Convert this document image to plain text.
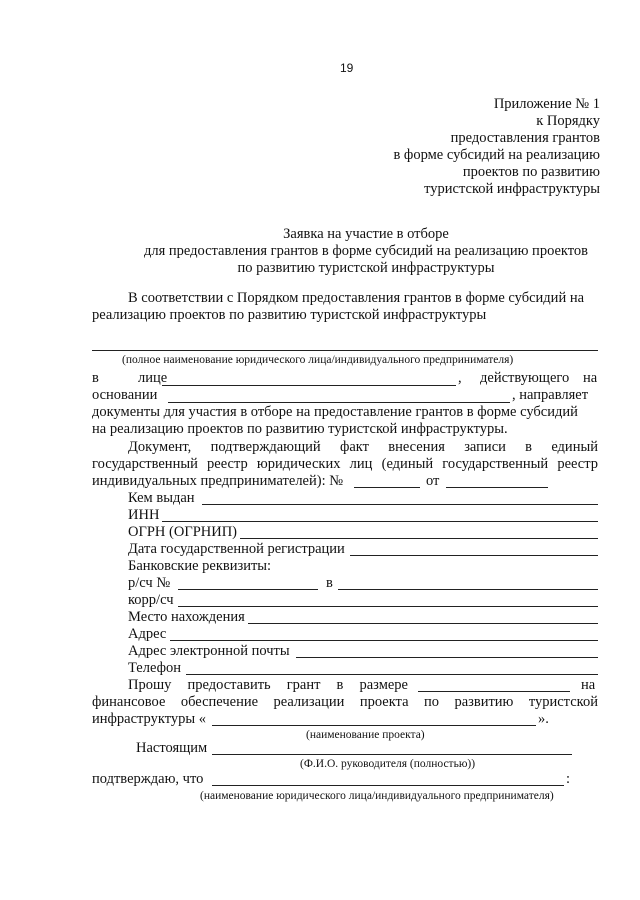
19
Приложение № 1
к Порядку
предоставления грантов
в форме субсидий на реализацию
проектов по развитию
туристской инфраструктуры
Заявка на участие в отборе
для предоставления грантов в форме субсидий на реализацию проектов
по развитию туристской инфраструктуры
В соответствии с Порядком предоставления грантов в форме субсидий на
реализацию проектов по развитию туристской инфраструктуры
(полное наименование юридического лица/индивидуального предпринимателя)
в	лице	, действующего на
основании	, направляет
документы для участия в отборе на предоставление грантов в форме субсидий
на реализацию проектов по развитию туристской инфраструктуры.
Документ, подтверждающий факт внесения записи в единый
государственный реестр юридических лиц (единый государственный реестр
индивидуальных предпринимателей): №	от
Кем выдан
ИНН
ОГРН (ОГРНИП)
Дата государственной регистрации
Банковские реквизиты:
р/сч №	в
корр/сч
Место нахождения
Адрес
Адрес электронной почты
Телефон
Прошу предоставить грант в размере	на
финансовое обеспечение реализации проекта по развитию туристской
инфраструктуры «	».
(наименование проекта)
Настоящим
(Ф.И.О. руководителя (полностью))
подтверждаю, что	:
(наименование юридического лица/индивидуального предпринимателя)
